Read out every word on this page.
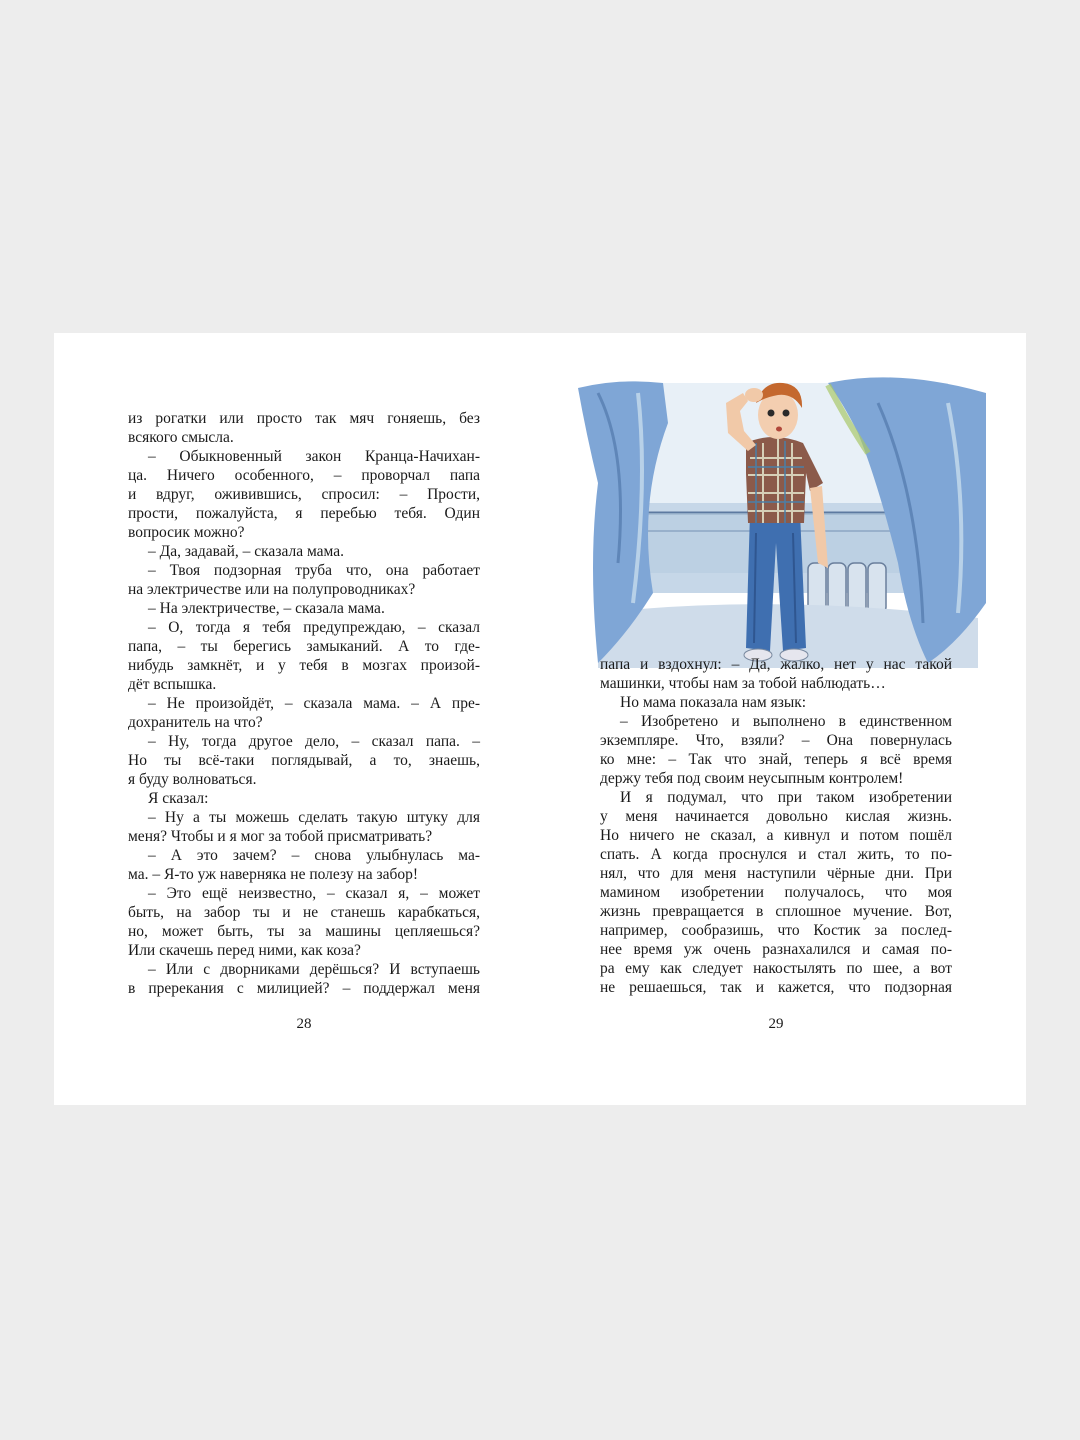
из рогатки или просто так мяч гоняешь, без
всякого смысла.
– Обыкновенный закон Кранца-Начихан-
ца. Ничего особенного, – проворчал папа
и вдруг, оживившись, спросил: – Прости,
прости, пожалуйста, я перебью тебя. Один
вопросик можно?
– Да, задавай, – сказала мама.
– Твоя подзорная труба что, она работает
на электричестве или на полупроводниках?
– На электричестве, – сказала мама.
– О, тогда я тебя предупреждаю, – сказал
папа, – ты берегись замыканий. А то где-
нибудь замкнёт, и у тебя в мозгах произой-
дёт вспышка.
– Не произойдёт, – сказала мама. – А пре-
дохранитель на что?
– Ну, тогда другое дело, – сказал папа. –
Но ты всё-таки поглядывай, а то, знаешь,
я буду волноваться.
Я сказал:
– Ну а ты можешь сделать такую штуку для
меня? Чтобы и я мог за тобой присматривать?
– А это зачем? – снова улыбнулась ма-
ма. – Я-то уж наверняка не полезу на забор!
– Это ещё неизвестно, – сказал я, – может
быть, на забор ты и не станешь карабкаться,
но, может быть, ты за машины цепляешься?
Или скачешь перед ними, как коза?
– Или с дворниками дерёшься? И вступаешь
в пререкания с милицией? – поддержал меня
28
папа и вздохнул: – Да, жалко, нет у нас такой
машинки, чтобы нам за тобой наблюдать…
Но мама показала нам язык:
– Изобретено и выполнено в единственном
экземпляре. Что, взяли? – Она повернулась
ко мне: – Так что знай, теперь я всё время
держу тебя под своим неусыпным контролем!
И я подумал, что при таком изобретении
у меня начинается довольно кислая жизнь.
Но ничего не сказал, а кивнул и потом пошёл
спать. А когда проснулся и стал жить, то по-
нял, что для меня наступили чёрные дни. При
мамином изобретении получалось, что моя
жизнь превращается в сплошное мучение. Вот,
например, сообразишь, что Костик за послед-
нее время уж очень разнахалился и самая по-
ра ему как следует накостылять по шее, а вот
не решаешься, так и кажется, что подзорная
29
